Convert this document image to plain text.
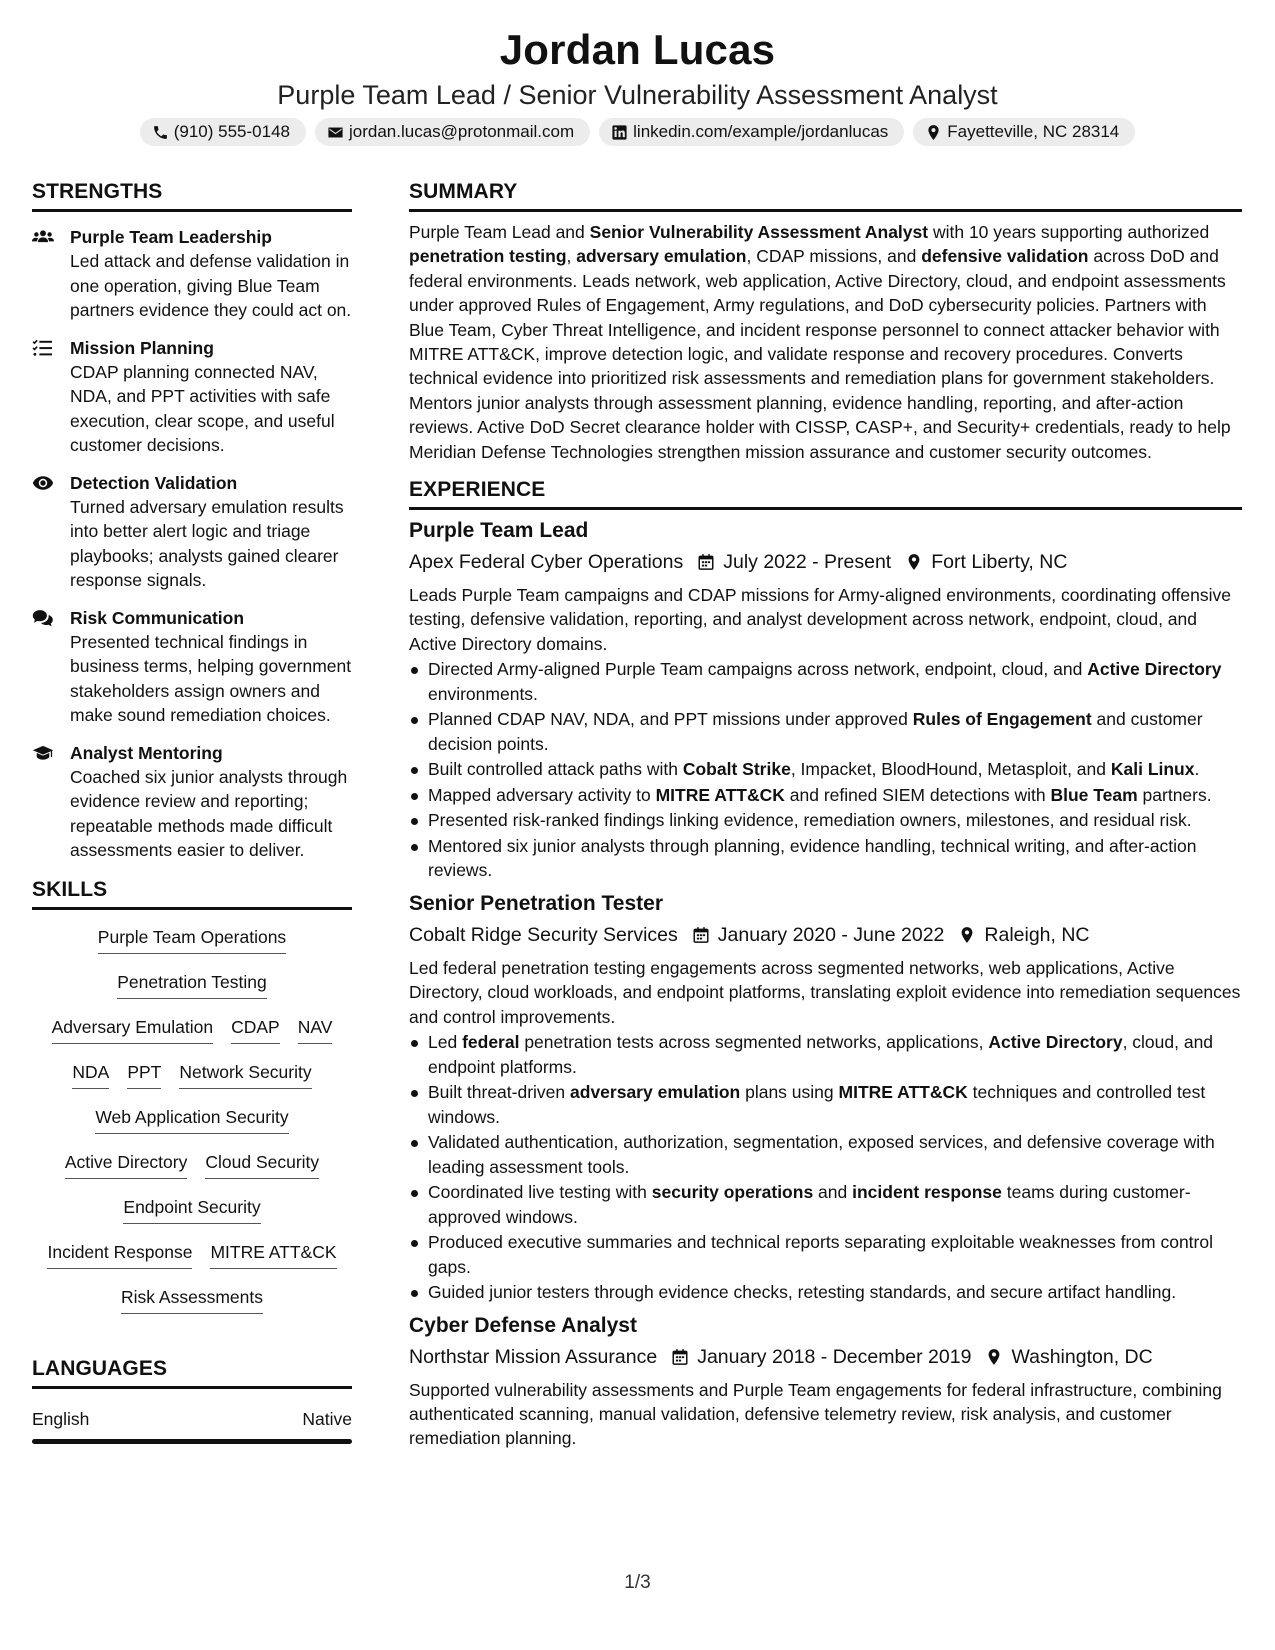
Jordan Lucas
Purple Team Lead / Senior Vulnerability Assessment Analyst
(910) 555-0148	jordan.lucas@protonmail.com	linkedin.com/example/jordanlucas	Fayetteville, NC 28314
STRENGTHS
Purple Team Leadership
Led attack and defense validation in one operation, giving Blue Team partners evidence they could act on.
Mission Planning
CDAP planning connected NAV, NDA, and PPT activities with safe execution, clear scope, and useful customer decisions.
Detection Validation
Turned adversary emulation results into better alert logic and triage playbooks; analysts gained clearer response signals.
Risk Communication
Presented technical findings in business terms, helping government stakeholders assign owners and make sound remediation choices.
Analyst Mentoring
Coached six junior analysts through evidence review and reporting; repeatable methods made difficult assessments easier to deliver.
SKILLS
Purple Team Operations
Penetration Testing
Adversary Emulation CDAP NAV
NDA PPT Network Security
Web Application Security
Active Directory Cloud Security
Endpoint Security
Incident Response MITRE ATT&CK
Risk Assessments
LANGUAGES
English	Native
SUMMARY
Purple Team Lead and Senior Vulnerability Assessment Analyst with 10 years supporting authorized penetration testing, adversary emulation, CDAP missions, and defensive validation across DoD and federal environments. Leads network, web application, Active Directory, cloud, and endpoint assessments under approved Rules of Engagement, Army regulations, and DoD cybersecurity policies. Partners with Blue Team, Cyber Threat Intelligence, and incident response personnel to connect attacker behavior with MITRE ATT&CK, improve detection logic, and validate response and recovery procedures. Converts technical evidence into prioritized risk assessments and remediation plans for government stakeholders. Mentors junior analysts through assessment planning, evidence handling, reporting, and after-action reviews. Active DoD Secret clearance holder with CISSP, CASP+, and Security+ credentials, ready to help Meridian Defense Technologies strengthen mission assurance and customer security outcomes.
EXPERIENCE
Purple Team Lead
Apex Federal Cyber Operations July 2022 - Present Fort Liberty, NC
Leads Purple Team campaigns and CDAP missions for Army-aligned environments, coordinating offensive testing, defensive validation, reporting, and analyst development across network, endpoint, cloud, and Active Directory domains.
Directed Army-aligned Purple Team campaigns across network, endpoint, cloud, and Active Directory environments.
Planned CDAP NAV, NDA, and PPT missions under approved Rules of Engagement and customer decision points.
Built controlled attack paths with Cobalt Strike, Impacket, BloodHound, Metasploit, and Kali Linux.
Mapped adversary activity to MITRE ATT&CK and refined SIEM detections with Blue Team partners.
Presented risk-ranked findings linking evidence, remediation owners, milestones, and residual risk.
Mentored six junior analysts through planning, evidence handling, technical writing, and after-action reviews.
Senior Penetration Tester
Cobalt Ridge Security Services January 2020 - June 2022 Raleigh, NC
Led federal penetration testing engagements across segmented networks, web applications, Active Directory, cloud workloads, and endpoint platforms, translating exploit evidence into remediation sequences and control improvements.
Led federal penetration tests across segmented networks, applications, Active Directory, cloud, and endpoint platforms.
Built threat-driven adversary emulation plans using MITRE ATT&CK techniques and controlled test windows.
Validated authentication, authorization, segmentation, exposed services, and defensive coverage with leading assessment tools.
Coordinated live testing with security operations and incident response teams during customer-approved windows.
Produced executive summaries and technical reports separating exploitable weaknesses from control gaps.
Guided junior testers through evidence checks, retesting standards, and secure artifact handling.
Cyber Defense Analyst
Northstar Mission Assurance January 2018 - December 2019 Washington, DC
Supported vulnerability assessments and Purple Team engagements for federal infrastructure, combining authenticated scanning, manual validation, defensive telemetry review, risk analysis, and customer remediation planning.
1/3
